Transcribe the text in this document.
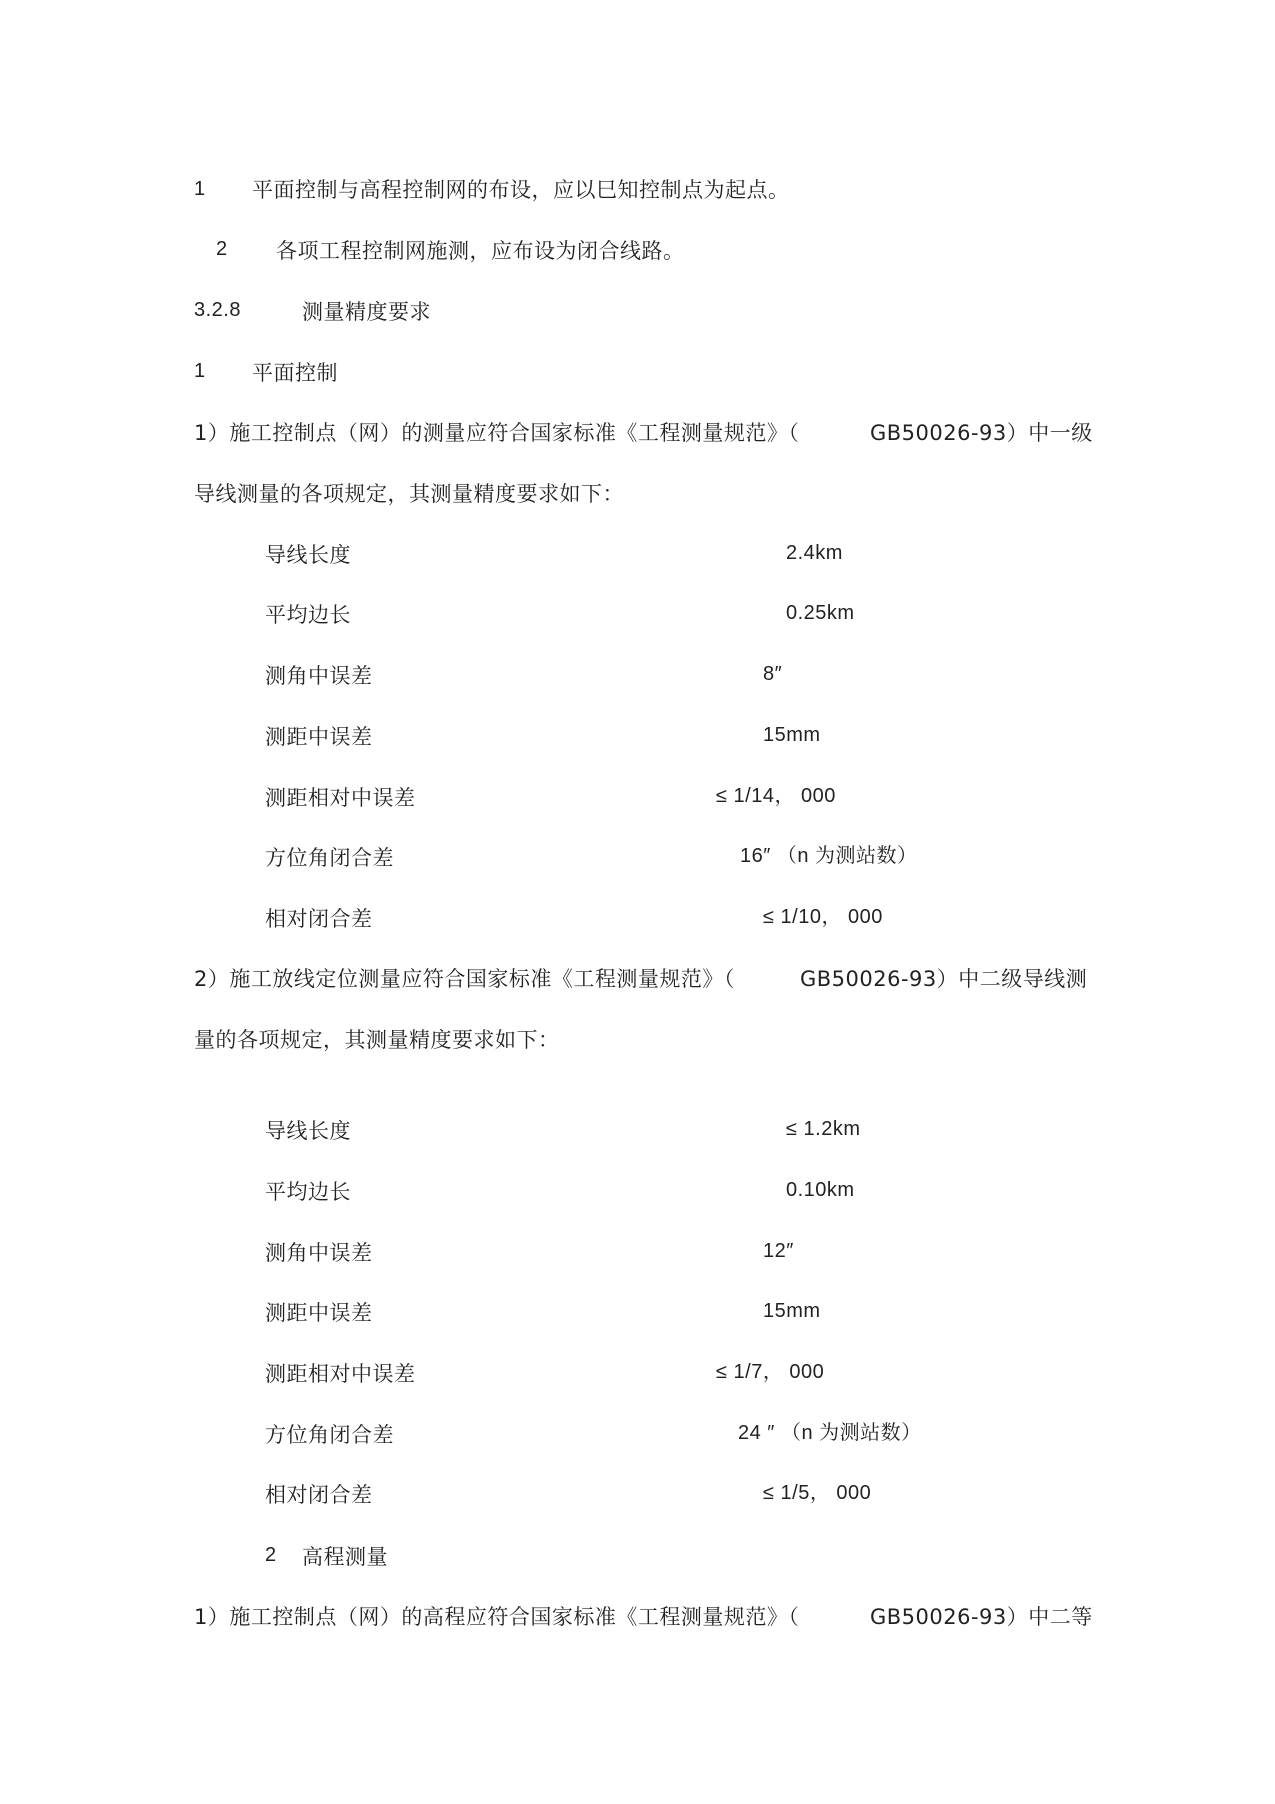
1 平面控制与高程控制网的布设，应以巳知控制点为起点。
2 各项工程控制网施测，应布设为闭合线路。
3.2.8	测量精度要求
1 平面控制
1）施工控制点（网）的测量应符合国家标准《工程测量规范》（	GB50026-93）中一级
导线测量的各项规定，其测量精度要求如下：
导线长度	2.4km
平均边长	0.25km
测角中误差	8″
测距中误差	15mm
测距相对中误差	≤ 1/14， 000
方位角闭合差	16″ （n 为测站数）
相对闭合差	≤ 1/10， 000
2）施工放线定位测量应符合国家标准《工程测量规范》（	GB50026-93）中二级导线测
量的各项规定，其测量精度要求如下：
导线长度	≤ 1.2km
平均边长	0.10km
测角中误差	12″
测距中误差	15mm
测距相对中误差	≤ 1/7， 000
方位角闭合差	24 ″ （n 为测站数）
相对闭合差	≤ 1/5， 000
2 高程测量
1）施工控制点（网）的高程应符合国家标准《工程测量规范》（	GB50026-93）中二等
